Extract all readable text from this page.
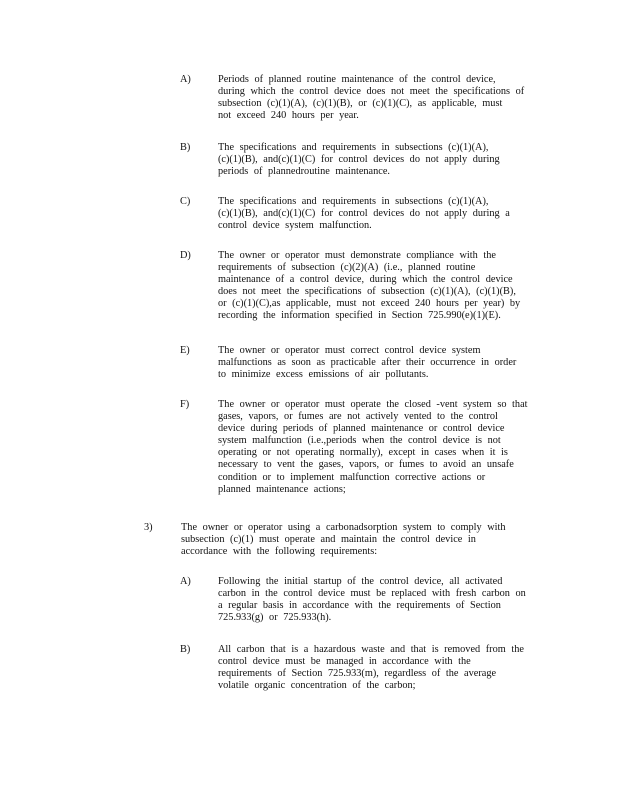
A)	Periods of planned routine maintenance of the control device,
during which the control device does not meet the specifications of
subsection (c)(1)(A), (c)(1)(B), or (c)(1)(C), as applicable, must
not exceed 240 hours per year.
B)	The specifications and requirements in subsections (c)(1)(A),
(c)(1)(B), and(c)(1)(C) for control devices do not apply during
periods of plannedroutine maintenance.
C)	The specifications and requirements in subsections (c)(1)(A),
(c)(1)(B), and(c)(1)(C) for control devices do not apply during a
control device system malfunction.
D)	The owner or operator must demonstrate compliance with the
requirements of subsection (c)(2)(A) (i.e., planned routine
maintenance of a control device, during which the control device
does not meet the specifications of subsection (c)(1)(A), (c)(1)(B),
or (c)(1)(C),as applicable, must not exceed 240 hours per year) by
recording the information specified in Section 725.990(e)(1)(E).
E)	The owner or operator must correct control device system
malfunctions as soon as practicable after their occurrence in order
to minimize excess emissions of air pollutants.
F)	The owner or operator must operate the closed -vent system so that
gases, vapors, or fumes are not actively vented to the control
device during periods of planned maintenance or control device
system malfunction (i.e.,periods when the control device is not
operating or not operating normally), except in cases when it is
necessary to vent the gases, vapors, or fumes to avoid an unsafe
condition or to implement malfunction corrective actions or
planned maintenance actions;
3)	The owner or operator using a carbonadsorption system to comply with
subsection (c)(1) must operate and maintain the control device in
accordance with the following requirements:
A)	Following the initial startup of the control device, all activated
carbon in the control device must be replaced with fresh carbon on
a regular basis in accordance with the requirements of Section
725.933(g) or 725.933(h).
B)	All carbon that is a hazardous waste and that is removed from the
control device must be managed in accordance with the
requirements of Section 725.933(m), regardless of the average
volatile organic concentration of the carbon;
